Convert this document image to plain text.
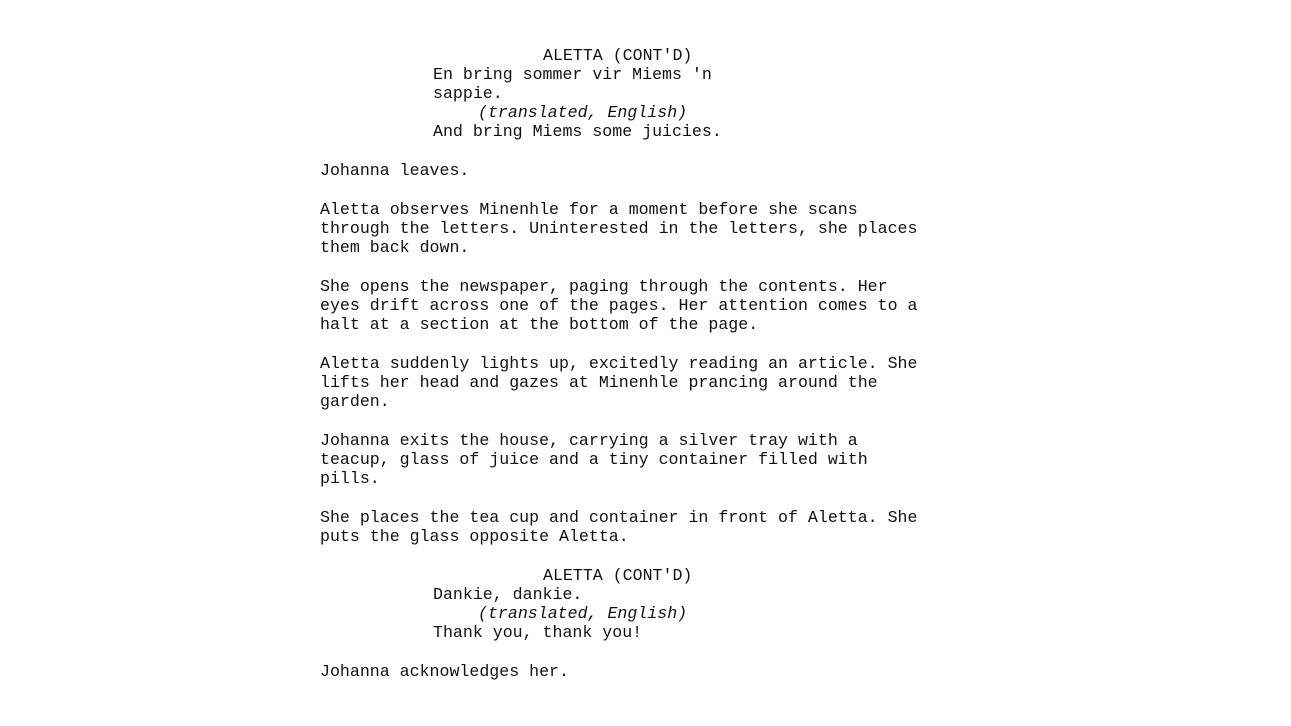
ALETTA (CONT'D)
En bring sommer vir Miems 'n
sappie.
(translated, English)
And bring Miems some juicies.
Johanna leaves.
Aletta observes Minenhle for a moment before she scans
through the letters. Uninterested in the letters, she places
them back down.
She opens the newspaper, paging through the contents. Her
eyes drift across one of the pages. Her attention comes to a
halt at a section at the bottom of the page.
Aletta suddenly lights up, excitedly reading an article. She
lifts her head and gazes at Minenhle prancing around the
garden.
Johanna exits the house, carrying a silver tray with a
teacup, glass of juice and a tiny container filled with
pills.
She places the tea cup and container in front of Aletta. She
puts the glass opposite Aletta.
ALETTA (CONT'D)
Dankie, dankie.
(translated, English)
Thank you, thank you!
Johanna acknowledges her.
